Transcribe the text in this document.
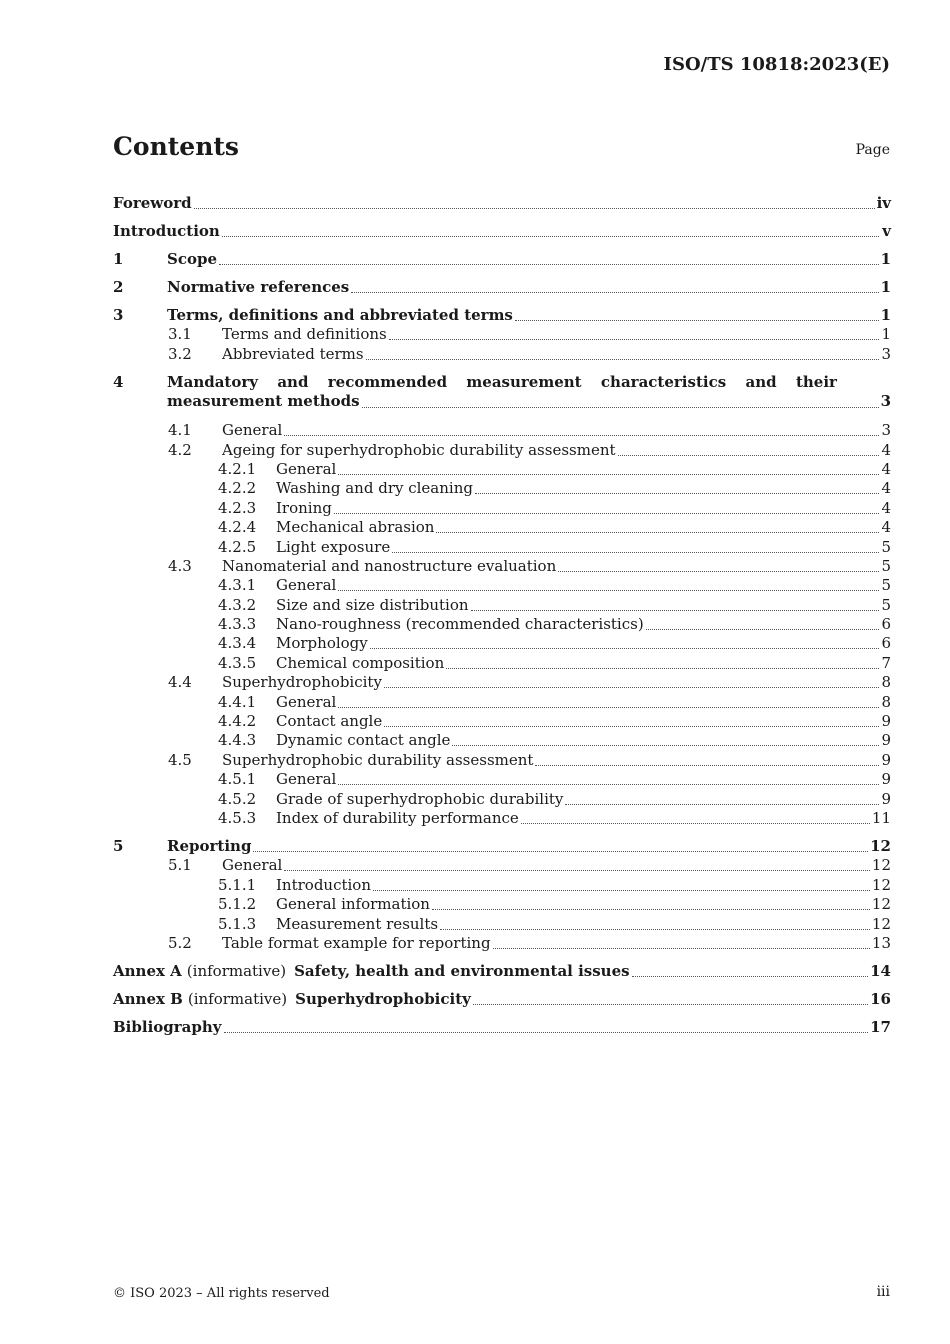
ISO/TS 10818:2023(E)
Contents	Page
Foreword	iv
Introduction	v
1	Scope	1
2	Normative references	1
3	Terms, definitions and abbreviated terms	1
3.1 Terms and definitions	1
3.2 Abbreviated terms	3
4	Mandatory and recommended measurement characteristics and their
measurement methods	3
4.1 General	3
4.2 Ageing for superhydrophobic durability assessment	4
4.2.1 General	4
4.2.2 Washing and dry cleaning	4
4.2.3 Ironing	4
4.2.4 Mechanical abrasion	4
4.2.5 Light exposure	5
4.3 Nanomaterial and nanostructure evaluation	5
4.3.1 General	5
4.3.2 Size and size distribution	5
4.3.3 Nano-roughness (recommended characteristics)	6
4.3.4 Morphology	6
4.3.5 Chemical composition	7
4.4 Superhydrophobicity	8
4.4.1 General	8
4.4.2 Contact angle	9
4.4.3 Dynamic contact angle	9
4.5 Superhydrophobic durability assessment	9
4.5.1 General	9
4.5.2 Grade of superhydrophobic durability	9
4.5.3 Index of durability performance	11
5	Reporting	12
5.1 General	12
5.1.1 Introduction	12
5.1.2 General information	12
5.1.3 Measurement results	12
5.2 Table format example for reporting	13
Annex A (informative) Safety, health and environmental issues	14
Annex B (informative) Superhydrophobicity	16
Bibliography	17
© ISO 2023 – All rights reserved	iii
